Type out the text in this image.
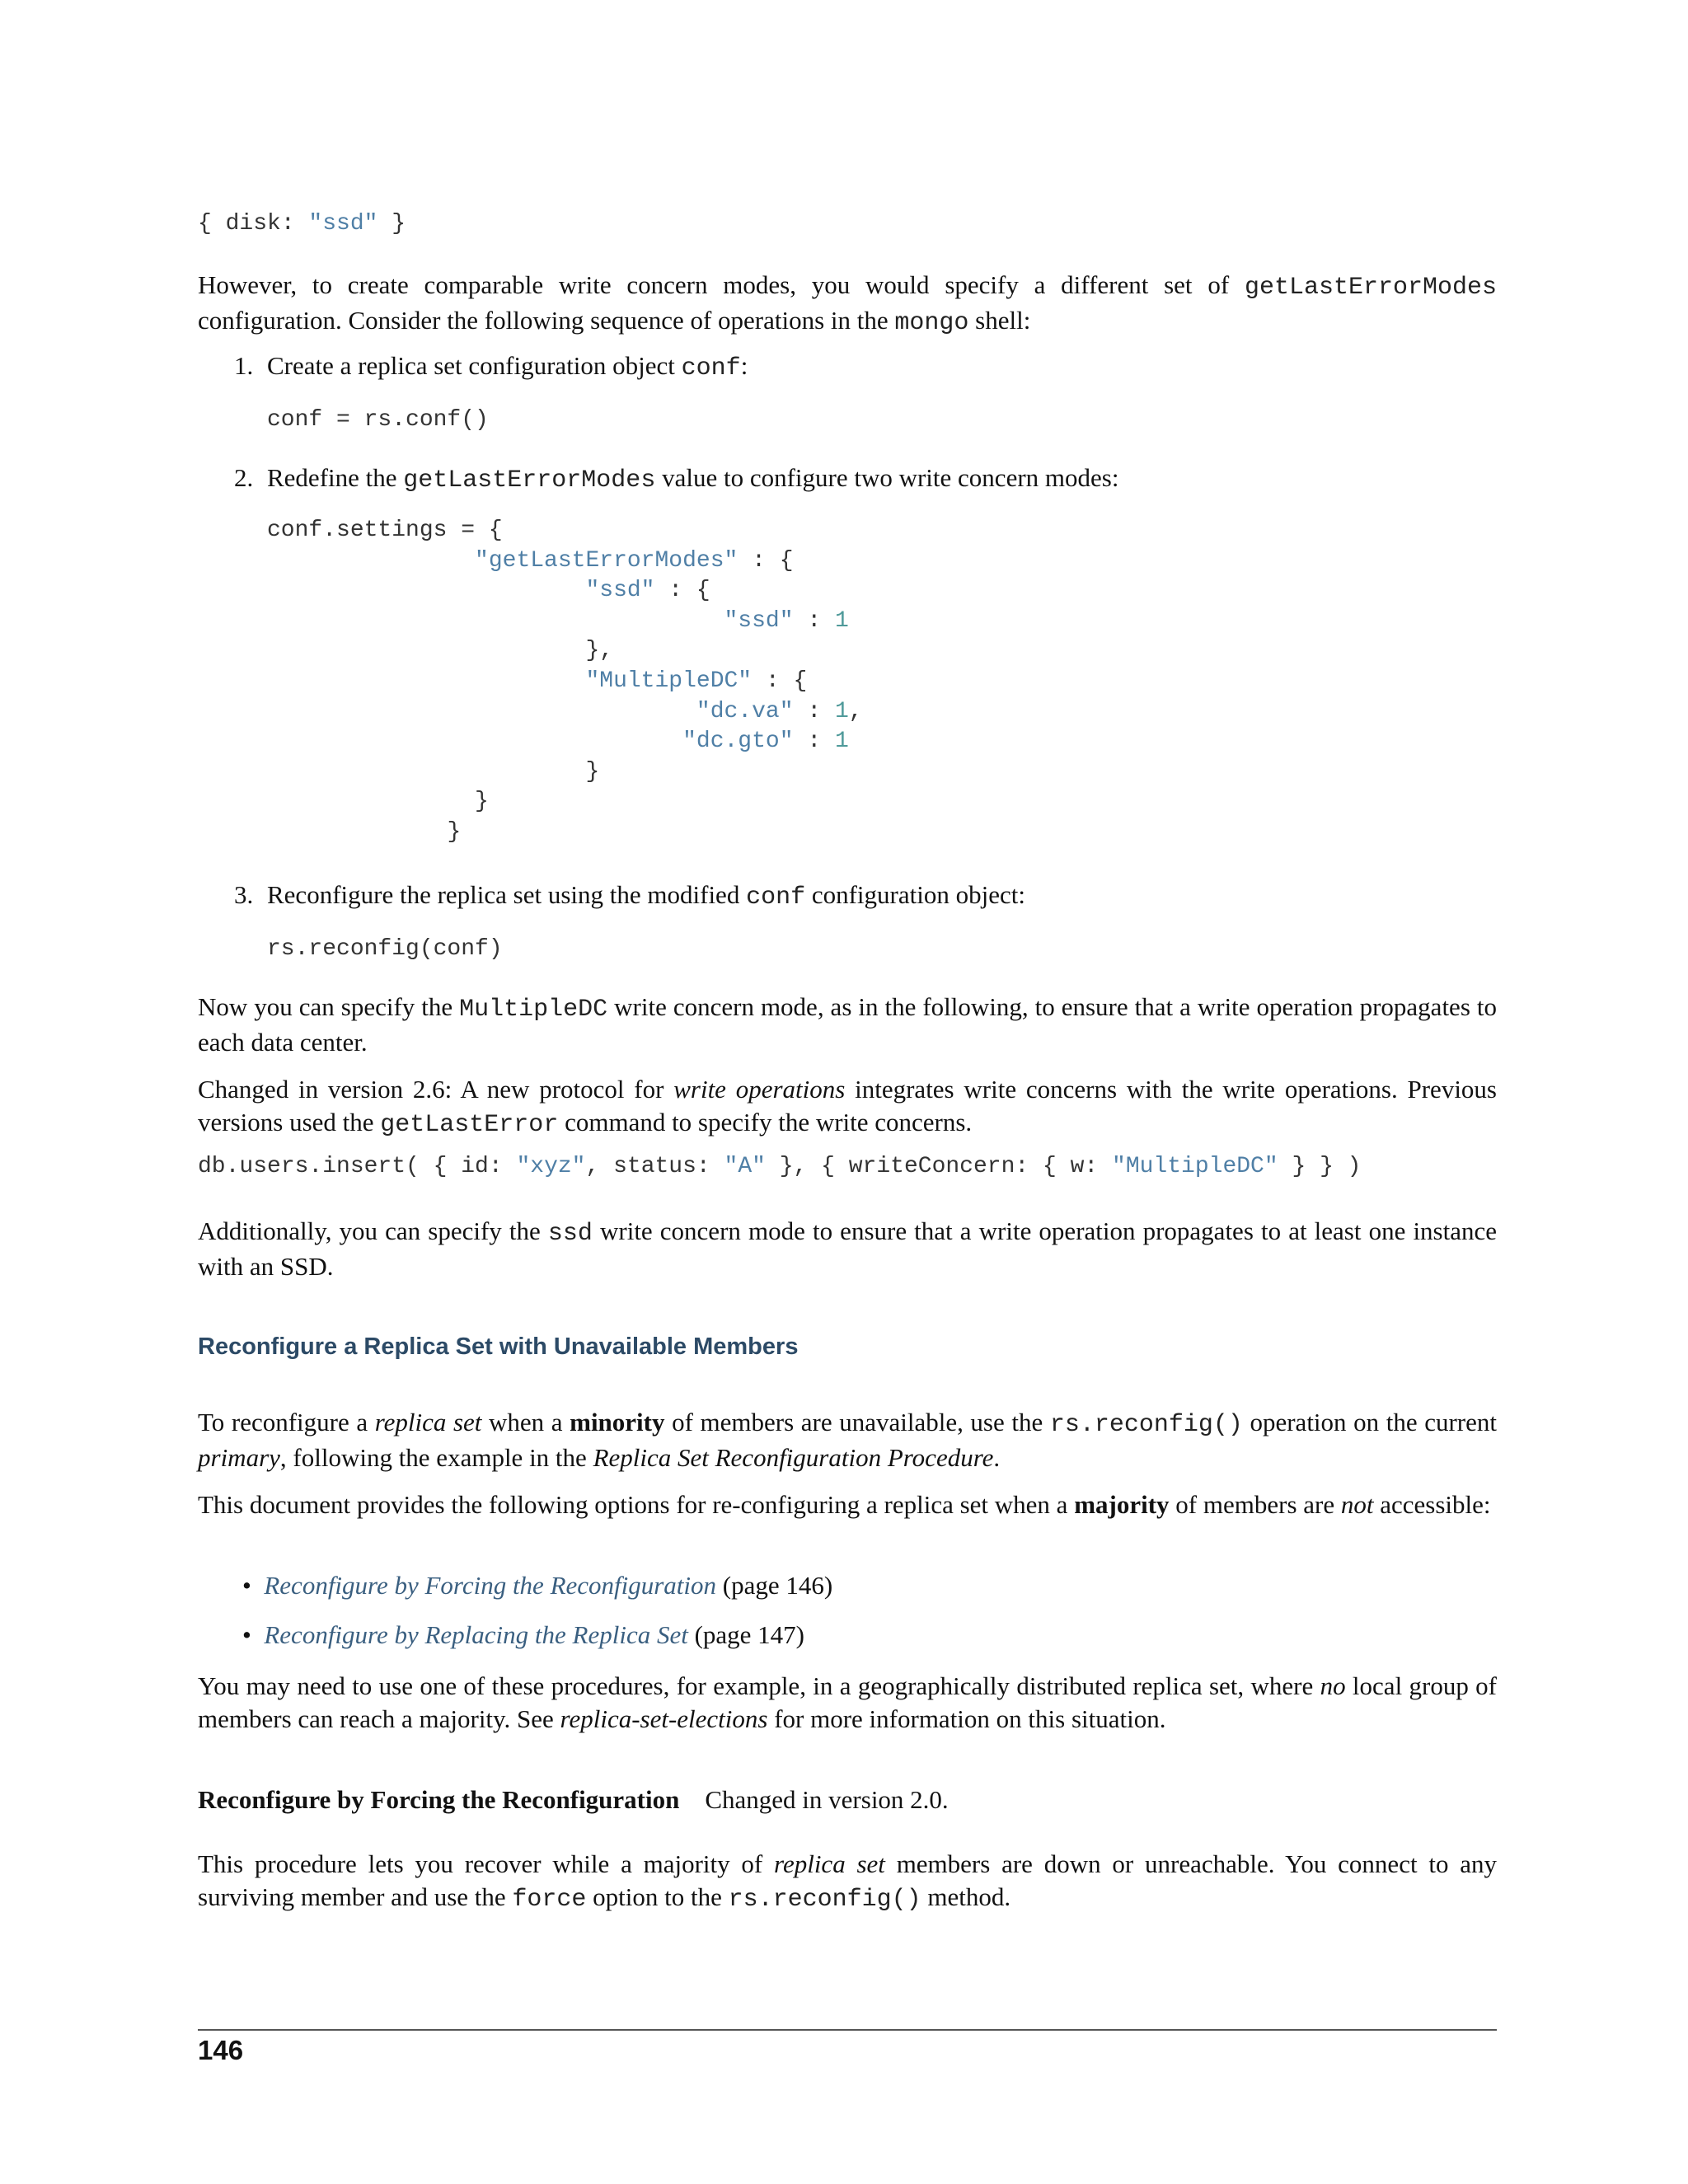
{ disk: "ssd" }

However, to create comparable write concern modes, you would specify a different set of getLastErrorModes configuration. Consider the following sequence of operations in the mongo shell:

1. Create a replica set configuration object conf:

conf = rs.conf()

2. Redefine the getLastErrorModes value to configure two write concern modes:

conf.settings = {
"getLastErrorModes" : {
"ssd" : {
"ssd" : 1
},
"MultipleDC" : {
"dc.va" : 1,
"dc.gto" : 1
}
}
}

3. Reconfigure the replica set using the modified conf configuration object:

rs.reconfig(conf)

Now you can specify the MultipleDC write concern mode, as in the following, to ensure that a write operation propagates to each data center.

Changed in version 2.6: A new protocol for write operations integrates write concerns with the write operations. Previous versions used the getLastError command to specify the write concerns.

db.users.insert( { id: "xyz", status: "A" }, { writeConcern: { w: "MultipleDC" } } )

Additionally, you can specify the ssd write concern mode to ensure that a write operation propagates to at least one instance with an SSD.

Reconfigure a Replica Set with Unavailable Members

To reconfigure a replica set when a minority of members are unavailable, use the rs.reconfig() operation on the current primary, following the example in the Replica Set Reconfiguration Procedure.

This document provides the following options for re-configuring a replica set when a majority of members are not accessible:

• Reconfigure by Forcing the Reconfiguration (page 146)

• Reconfigure by Replacing the Replica Set (page 147)

You may need to use one of these procedures, for example, in a geographically distributed replica set, where no local group of members can reach a majority. See replica-set-elections for more information on this situation.

Reconfigure by Forcing the Reconfiguration Changed in version 2.0.

This procedure lets you recover while a majority of replica set members are down or unreachable. You connect to any surviving member and use the force option to the rs.reconfig() method.

146
